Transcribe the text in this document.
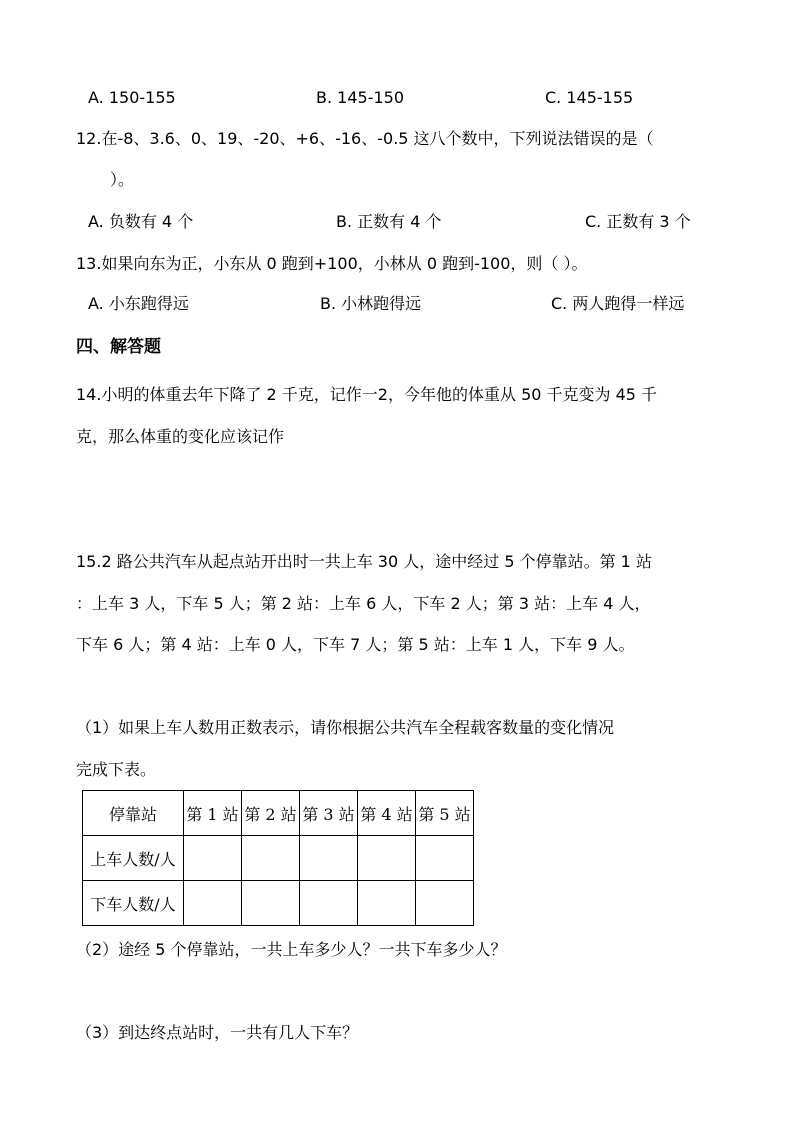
A. 150-155	B. 145-150	C. 145-155
12.在-8、3.6、0、19、-20、+6、-16、-0.5 这八个数中，下列说法错误的是（
）。
A. 负数有 4 个	B. 正数有 4 个	C. 正数有 3 个
13.如果向东为正，小东从 0 跑到+100，小林从 0 跑到-100，则（ ）。
A. 小东跑得远	B. 小林跑得远	C. 两人跑得一样远
四、解答题
14.小明的体重去年下降了 2 千克，记作一2，今年他的体重从 50 千克变为 45 千
克，那么体重的变化应该记作
15.2 路公共汽车从起点站开出时一共上车 30 人，途中经过 5 个停靠站。第 1 站
：上车 3 人，下车 5 人；第 2 站：上车 6 人，下车 2 人；第 3 站：上车 4 人，
下车 6 人；第 4 站：上车 0 人，下车 7 人；第 5 站：上车 1 人，下车 9 人。
（1）如果上车人数用正数表示，请你根据公共汽车全程载客数量的变化情况
完成下表。
停靠站	第 1 站	第 2 站	第 3 站	第 4 站	第 5 站
上车人数/人					
下车人数/人					
（2）途经 5 个停靠站，一共上车多少人？一共下车多少人？
（3）到达终点站时，一共有几人下车？
